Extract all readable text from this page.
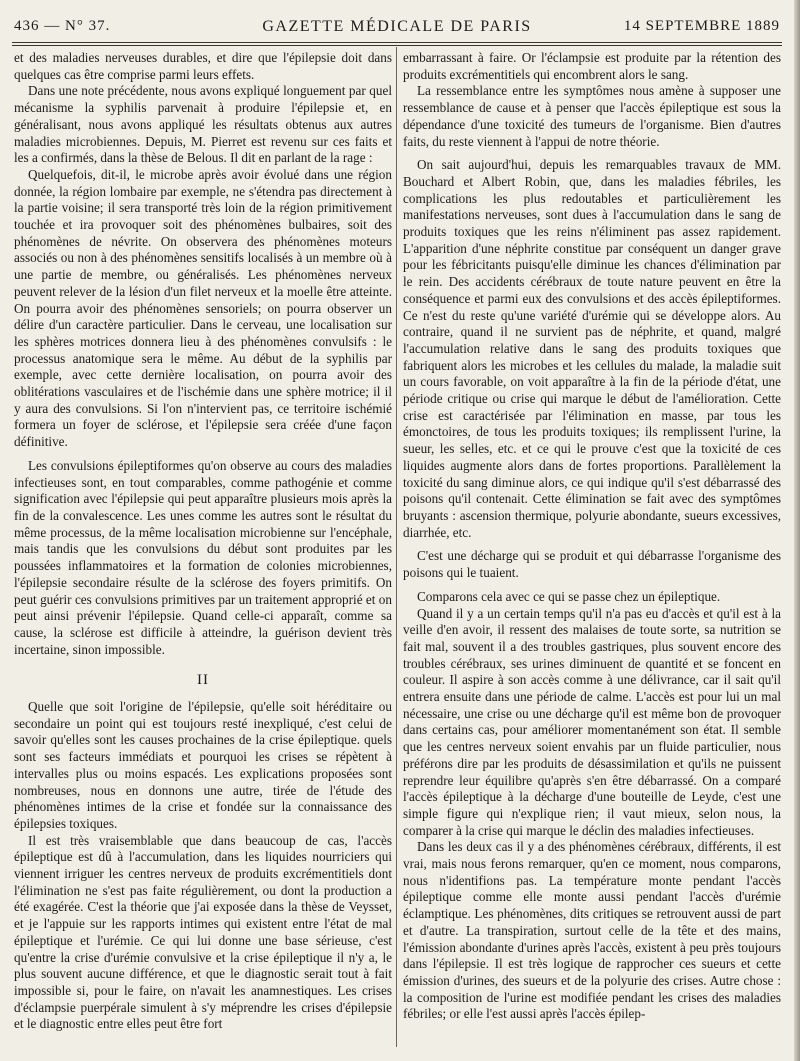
436 — N° 37.	GAZETTE MÉDICALE DE PARIS	14 SEPTEMBRE 1889

et des maladies nerveuses durables, et dire que l'épilepsie doit dans quelques cas être comprise parmi leurs effets.

Dans une note précédente, nous avons expliqué longuement par quel mécanisme la syphilis parvenait à produire l'épilepsie et, en généralisant, nous avons appliqué les résultats obtenus aux autres maladies microbiennes. Depuis, M. Pierret est revenu sur ces faits et les a confirmés, dans la thèse de Belous. Il dit en parlant de la rage :

Quelquefois, dit-il, le microbe après avoir évolué dans une région donnée, la région lombaire par exemple, ne s'étendra pas directement à la partie voisine; il sera transporté très loin de la région primitivement touchée et ira provoquer soit des phénomènes bulbaires, soit des phénomènes de névrite. On observera des phénomènes moteurs associés ou non à des phénomènes sensitifs localisés à un membre où à une partie de membre, ou généralisés. Les phénomènes nerveux peuvent relever de la lésion d'un filet nerveux et la moelle être atteinte. On pourra avoir des phénomènes sensoriels; on pourra observer un délire d'un caractère particulier. Dans le cerveau, une localisation sur les sphères motrices donnera lieu à des phénomènes convulsifs : le processus anatomique sera le même. Au début de la syphilis par exemple, avec cette dernière localisation, on pourra avoir des oblitérations vasculaires et de l'ischémie dans une sphère motrice; il il y aura des convulsions. Si l'on n'intervient pas, ce territoire ischémié formera un foyer de sclérose, et l'épilepsie sera créée d'une façon définitive.

Les convulsions épileptiformes qu'on observe au cours des maladies infectieuses sont, en tout comparables, comme pathogénie et comme signification avec l'épilepsie qui peut apparaître plusieurs mois après la fin de la convalescence. Les unes comme les autres sont le résultat du même processus, de la même localisation microbienne sur l'encéphale, mais tandis que les convulsions du début sont produites par les poussées inflammatoires et la formation de colonies microbiennes, l'épilepsie secondaire résulte de la sclérose des foyers primitifs. On peut guérir ces convulsions primitives par un traitement approprié et on peut ainsi prévenir l'épilepsie. Quand celle-ci apparaît, comme sa cause, la sclérose est difficile à atteindre, la guérison devient très incertaine, sinon impossible.

II

Quelle que soit l'origine de l'épilepsie, qu'elle soit héréditaire ou secondaire un point qui est toujours resté inexpliqué, c'est celui de savoir qu'elles sont les causes prochaines de la crise épileptique. quels sont ses facteurs immédiats et pourquoi les crises se répètent à intervalles plus ou moins espacés. Les explications proposées sont nombreuses, nous en donnons une autre, tirée de l'étude des phénomènes intimes de la crise et fondée sur la connaissance des épilepsies toxiques.

Il est très vraisemblable que dans beaucoup de cas, l'accès épileptique est dû à l'accumulation, dans les liquides nourriciers qui viennent irriguer les centres nerveux de produits excrémentitiels dont l'élimination ne s'est pas faite régulièrement, ou dont la production a été exagérée. C'est la théorie que j'ai exposée dans la thèse de Veysset, et je l'appuie sur les rapports intimes qui existent entre l'état de mal épileptique et l'urémie. Ce qui lui donne une base sérieuse, c'est qu'entre la crise d'urémie convulsive et la crise épileptique il n'y a, le plus souvent aucune différence, et que le diagnostic serait tout à fait impossible si, pour le faire, on n'avait les anamnestiques. Les crises d'éclampsie puerpérale simulent à s'y méprendre les crises d'épilepsie et le diagnostic entre elles peut être fort

embarrassant à faire. Or l'éclampsie est produite par la rétention des produits excrémentitiels qui encombrent alors le sang.

La ressemblance entre les symptômes nous amène à supposer une ressemblance de cause et à penser que l'accès épileptique est sous la dépendance d'une toxicité des tumeurs de l'organisme. Bien d'autres faits, du reste viennent à l'appui de notre théorie.

On sait aujourd'hui, depuis les remarquables travaux de MM. Bouchard et Albert Robin, que, dans les maladies fébriles, les complications les plus redoutables et particulièrement les manifestations nerveuses, sont dues à l'accumulation dans le sang de produits toxiques que les reins n'éliminent pas assez rapidement. L'apparition d'une néphrite constitue par conséquent un danger grave pour les fébricitants puisqu'elle diminue les chances d'élimination par le rein. Des accidents cérébraux de toute nature peuvent en être la conséquence et parmi eux des convulsions et des accès épileptiformes. Ce n'est du reste qu'une variété d'urémie qui se développe alors. Au contraire, quand il ne survient pas de néphrite, et quand, malgré l'accumulation relative dans le sang des produits toxiques que fabriquent alors les microbes et les cellules du malade, la maladie suit un cours favorable, on voit apparaître à la fin de la période d'état, une période critique ou crise qui marque le début de l'amélioration. Cette crise est caractérisée par l'élimination en masse, par tous les émonctoires, de tous les produits toxiques; ils remplissent l'urine, la sueur, les selles, etc. et ce qui le prouve c'est que la toxicité de ces liquides augmente alors dans de fortes proportions. Parallèlement la toxicité du sang diminue alors, ce qui indique qu'il s'est débarrassé des poisons qu'il contenait. Cette élimination se fait avec des symptômes bruyants : ascension thermique, polyurie abondante, sueurs excessives, diarrhée, etc.

C'est une décharge qui se produit et qui débarrasse l'organisme des poisons qui le tuaient.

Comparons cela avec ce qui se passe chez un épileptique.

Quand il y a un certain temps qu'il n'a pas eu d'accès et qu'il est à la veille d'en avoir, il ressent des malaises de toute sorte, sa nutrition se fait mal, souvent il a des troubles gastriques, plus souvent encore des troubles cérébraux, ses urines diminuent de quantité et se foncent en couleur. Il aspire à son accès comme à une délivrance, car il sait qu'il entrera ensuite dans une période de calme. L'accès est pour lui un mal nécessaire, une crise ou une décharge qu'il est même bon de provoquer dans certains cas, pour améliorer momentanément son état. Il semble que les centres nerveux soient envahis par un fluide particulier, nous préférons dire par les produits de désassimilation et qu'ils ne puissent reprendre leur équilibre qu'après s'en être débarrassé. On a comparé l'accès épileptique à la décharge d'une bouteille de Leyde, c'est une simple figure qui n'explique rien; il vaut mieux, selon nous, la comparer à la crise qui marque le déclin des maladies infectieuses.

Dans les deux cas il y a des phénomènes cérébraux, différents, il est vrai, mais nous ferons remarquer, qu'en ce moment, nous comparons, nous n'identifions pas. La température monte pendant l'accès épileptique comme elle monte aussi pendant l'accès d'urémie éclamptique. Les phénomènes, dits critiques se retrouvent aussi de part et d'autre. La transpiration, surtout celle de la tête et des mains, l'émission abondante d'urines après l'accès, existent à peu près toujours dans l'épilepsie. Il est très logique de rapprocher ces sueurs et cette émission d'urines, des sueurs et de la polyurie des crises. Autre chose : la composition de l'urine est modifiée pendant les crises des maladies fébriles; or elle l'est aussi après l'accès épilep-
